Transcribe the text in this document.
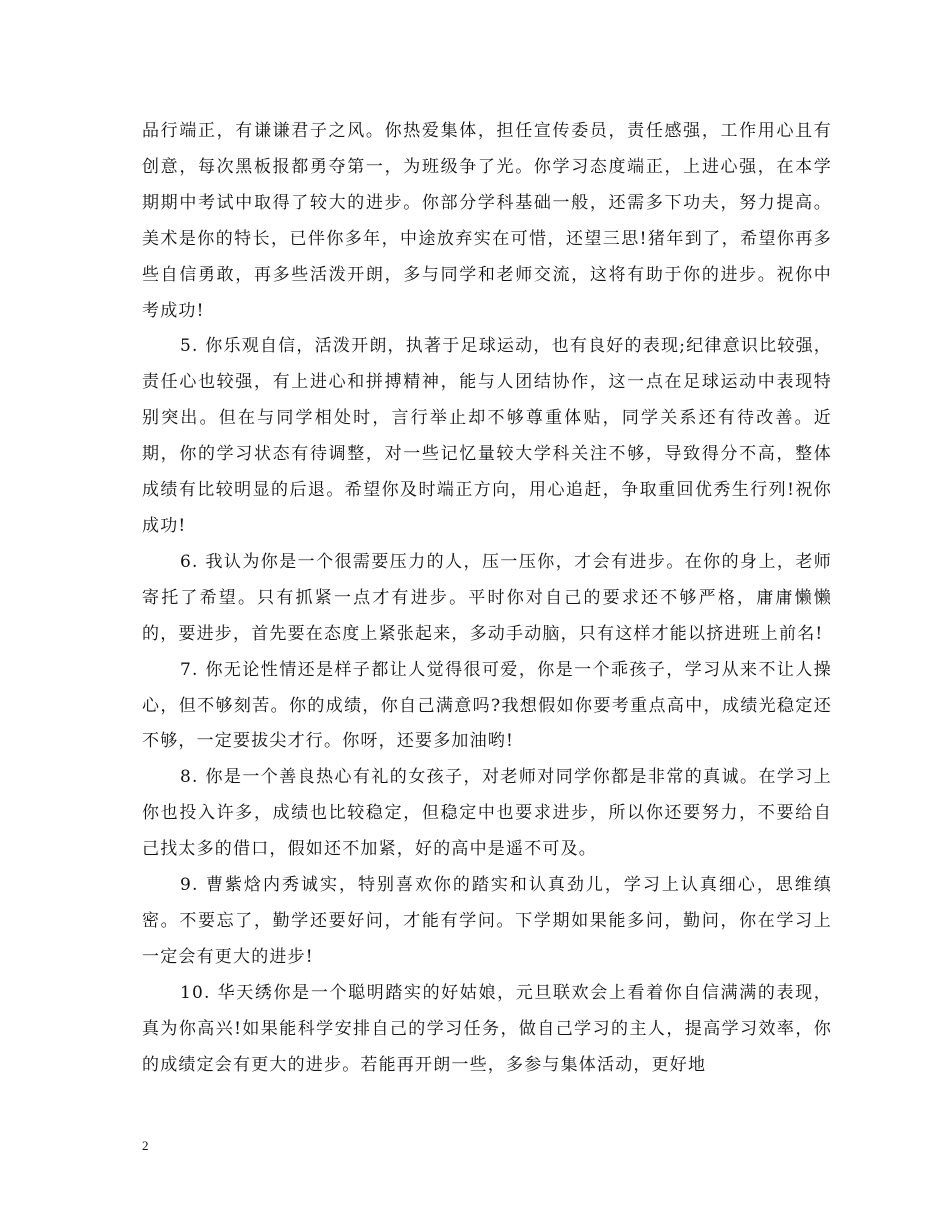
品行端正，有谦谦君子之风。你热爱集体，担任宣传委员，责任感强，工作用心且有创意，每次黑板报都勇夺第一，为班级争了光。你学习态度端正，上进心强，在本学期期中考试中取得了较大的进步。你部分学科基础一般，还需多下功夫，努力提高。美术是你的特长，已伴你多年，中途放弃实在可惜，还望三思!猪年到了，希望你再多些自信勇敢，再多些活泼开朗，多与同学和老师交流，这将有助于你的进步。祝你中考成功!

5. 你乐观自信，活泼开朗，执著于足球运动，也有良好的表现;纪律意识比较强，责任心也较强，有上进心和拼搏精神，能与人团结协作，这一点在足球运动中表现特别突出。但在与同学相处时，言行举止却不够尊重体贴，同学关系还有待改善。近期，你的学习状态有待调整，对一些记忆量较大学科关注不够，导致得分不高，整体成绩有比较明显的后退。希望你及时端正方向，用心追赶，争取重回优秀生行列!祝你成功!

6. 我认为你是一个很需要压力的人，压一压你，才会有进步。在你的身上，老师寄托了希望。只有抓紧一点才有进步。平时你对自己的要求还不够严格，庸庸懒懒的，要进步，首先要在态度上紧张起来，多动手动脑，只有这样才能以挤进班上前名!

7. 你无论性情还是样子都让人觉得很可爱，你是一个乖孩子，学习从来不让人操心，但不够刻苦。你的成绩，你自己满意吗?我想假如你要考重点高中，成绩光稳定还不够，一定要拔尖才行。你呀，还要多加油哟!

8. 你是一个善良热心有礼的女孩子，对老师对同学你都是非常的真诚。在学习上你也投入许多，成绩也比较稳定，但稳定中也要求进步，所以你还要努力，不要给自己找太多的借口，假如还不加紧，好的高中是遥不可及。

9. 曹紫焓内秀诚实，特别喜欢你的踏实和认真劲儿，学习上认真细心，思维缜密。不要忘了，勤学还要好问，才能有学问。下学期如果能多问，勤问，你在学习上一定会有更大的进步!

10. 华天绣你是一个聪明踏实的好姑娘，元旦联欢会上看着你自信满满的表现，真为你高兴!如果能科学安排自己的学习任务，做自己学习的主人，提高学习效率，你的成绩定会有更大的进步。若能再开朗一些，多参与集体活动，更好地

2
